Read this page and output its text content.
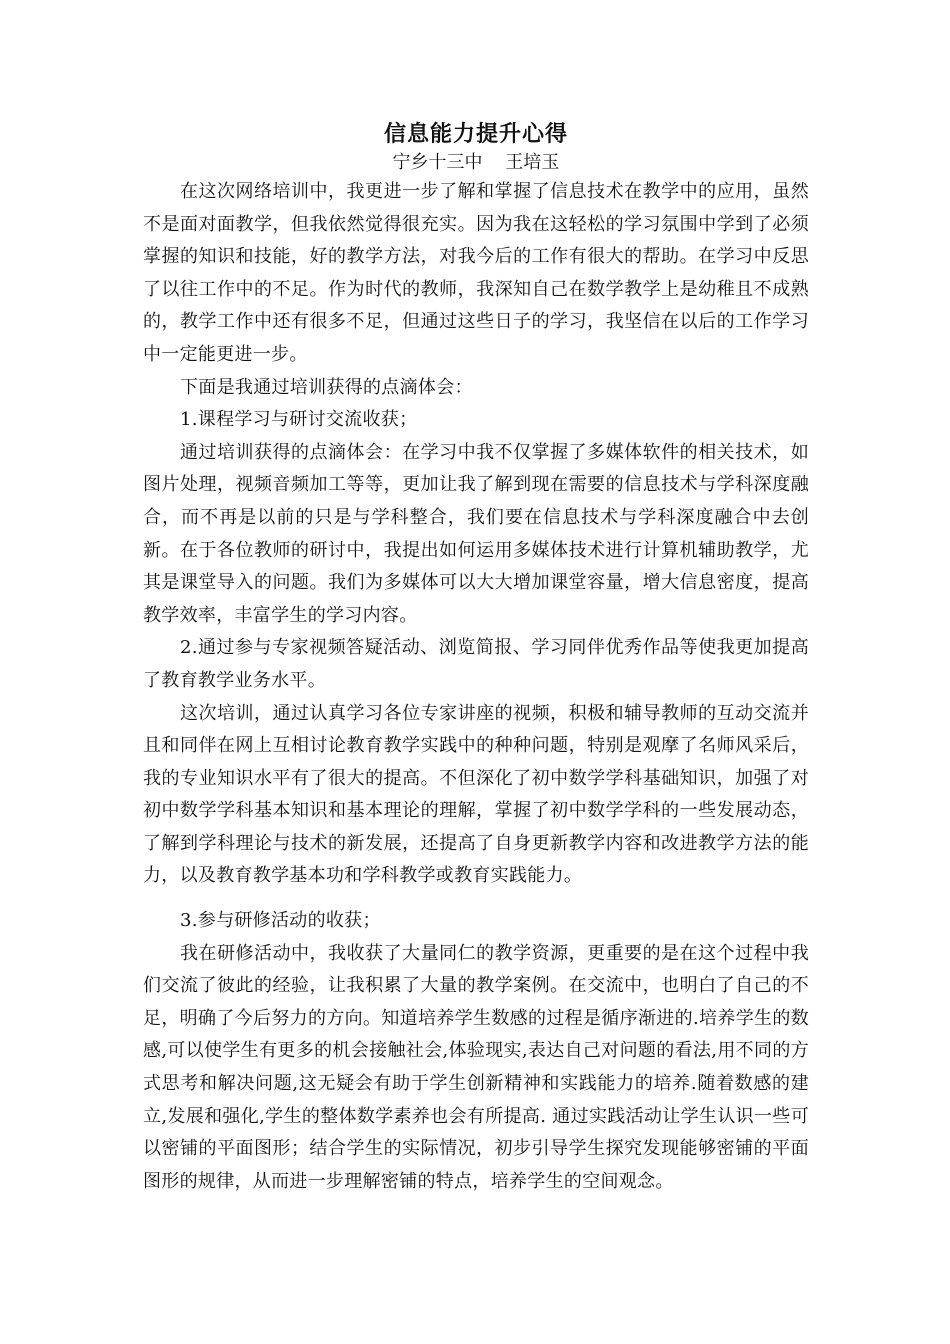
信息能力提升心得

宁乡十三中    王培玉

在这次网络培训中，我更进一步了解和掌握了信息技术在教学中的应用，虽然不是面对面教学，但我依然觉得很充实。因为我在这轻松的学习氛围中学到了必须掌握的知识和技能，好的教学方法，对我今后的工作有很大的帮助。在学习中反思了以往工作中的不足。作为时代的教师，我深知自己在数学教学上是幼稚且不成熟的，教学工作中还有很多不足，但通过这些日子的学习，我坚信在以后的工作学习中一定能更进一步。

下面是我通过培训获得的点滴体会：

1.课程学习与研讨交流收获；

通过培训获得的点滴体会：在学习中我不仅掌握了多媒体软件的相关技术，如图片处理，视频音频加工等等，更加让我了解到现在需要的信息技术与学科深度融合，而不再是以前的只是与学科整合，我们要在信息技术与学科深度融合中去创新。在于各位教师的研讨中，我提出如何运用多媒体技术进行计算机辅助教学，尤其是课堂导入的问题。我们为多媒体可以大大增加课堂容量，增大信息密度，提高教学效率，丰富学生的学习内容。

2.通过参与专家视频答疑活动、浏览简报、学习同伴优秀作品等使我更加提高了教育教学业务水平。

这次培训，通过认真学习各位专家讲座的视频，积极和辅导教师的互动交流并且和同伴在网上互相讨论教育教学实践中的种种问题，特别是观摩了名师风采后，我的专业知识水平有了很大的提高。不但深化了初中数学学科基础知识，加强了对初中数学学科基本知识和基本理论的理解，掌握了初中数学学科的一些发展动态，了解到学科理论与技术的新发展，还提高了自身更新教学内容和改进教学方法的能力，以及教育教学基本功和学科教学或教育实践能力。

3.参与研修活动的收获；

我在研修活动中，我收获了大量同仁的教学资源，更重要的是在这个过程中我们交流了彼此的经验，让我积累了大量的教学案例。在交流中，也明白了自己的不足，明确了今后努力的方向。知道培养学生数感的过程是循序渐进的.培养学生的数感,可以使学生有更多的机会接触社会,体验现实,表达自己对问题的看法,用不同的方式思考和解决问题,这无疑会有助于学生创新精神和实践能力的培养.随着数感的建立,发展和强化,学生的整体数学素养也会有所提高. 通过实践活动让学生认识一些可以密铺的平面图形；结合学生的实际情况，初步引导学生探究发现能够密铺的平面图形的规律，从而进一步理解密铺的特点，培养学生的空间观念。
